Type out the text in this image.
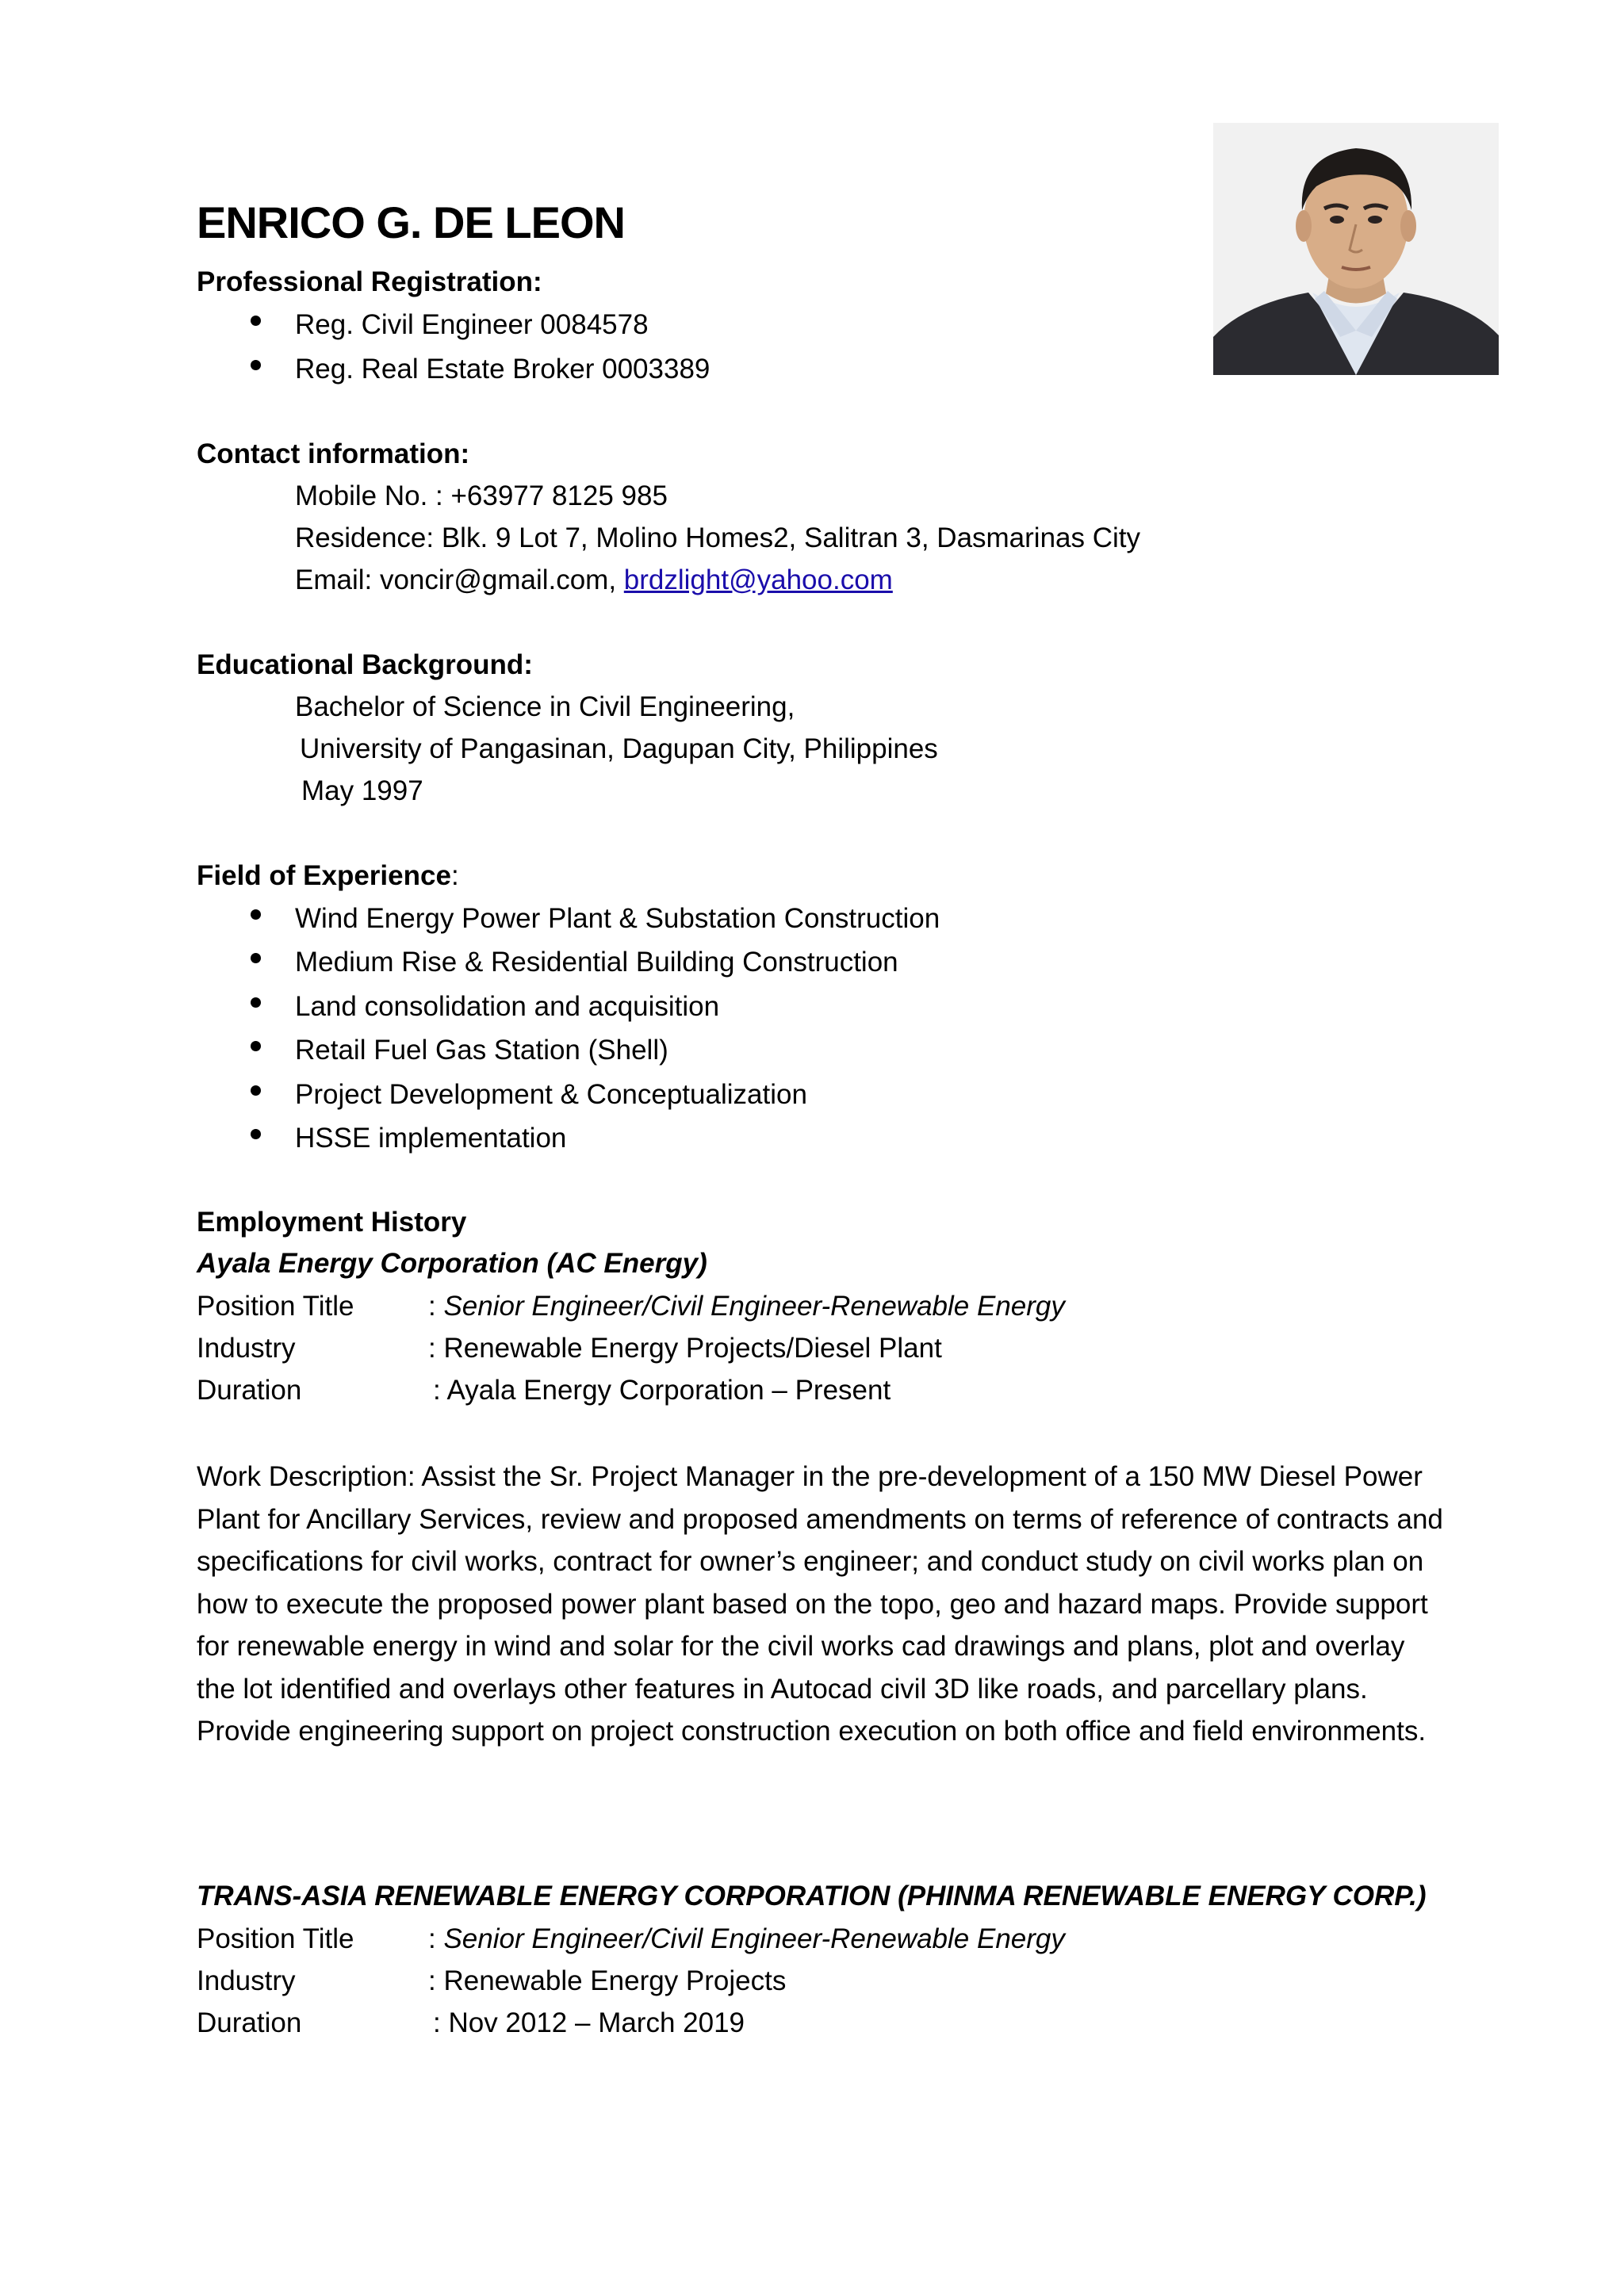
ENRICO G. DE LEON
Professional Registration:
Reg. Civil Engineer 0084578
Reg. Real Estate Broker 0003389
Contact information:
Mobile No. : +63977 8125 985
Residence: Blk. 9 Lot 7, Molino Homes2, Salitran 3, Dasmarinas City
Email: voncir@gmail.com, brdzlight@yahoo.com
Educational Background:
Bachelor of Science in Civil Engineering,
University of Pangasinan, Dagupan City, Philippines
May 1997
Field of Experience:
Wind Energy Power Plant & Substation Construction
Medium Rise & Residential Building Construction
Land consolidation and acquisition
Retail Fuel Gas Station (Shell)
Project Development & Conceptualization
HSSE implementation
Employment History
Ayala Energy Corporation (AC Energy)
Position Title	: Senior Engineer/Civil Engineer-Renewable Energy
Industry	: Renewable Energy Projects/Diesel Plant
Duration	: Ayala Energy Corporation – Present
Work Description: Assist the Sr. Project Manager in the pre-development of a 150 MW Diesel Power Plant for Ancillary Services, review and proposed amendments on terms of reference of contracts and specifications for civil works, contract for owner’s engineer; and conduct study on civil works plan on how to execute the proposed power plant based on the topo, geo and hazard maps. Provide support for renewable energy in wind and solar for the civil works cad drawings and plans, plot and overlay the lot identified and overlays other features in Autocad civil 3D like roads, and parcellary plans. Provide engineering support on project construction execution on both office and field environments.
TRANS-ASIA RENEWABLE ENERGY CORPORATION (PHINMA RENEWABLE ENERGY CORP.)
Position Title	: Senior Engineer/Civil Engineer-Renewable Energy
Industry	: Renewable Energy Projects
Duration	: Nov 2012 – March 2019
